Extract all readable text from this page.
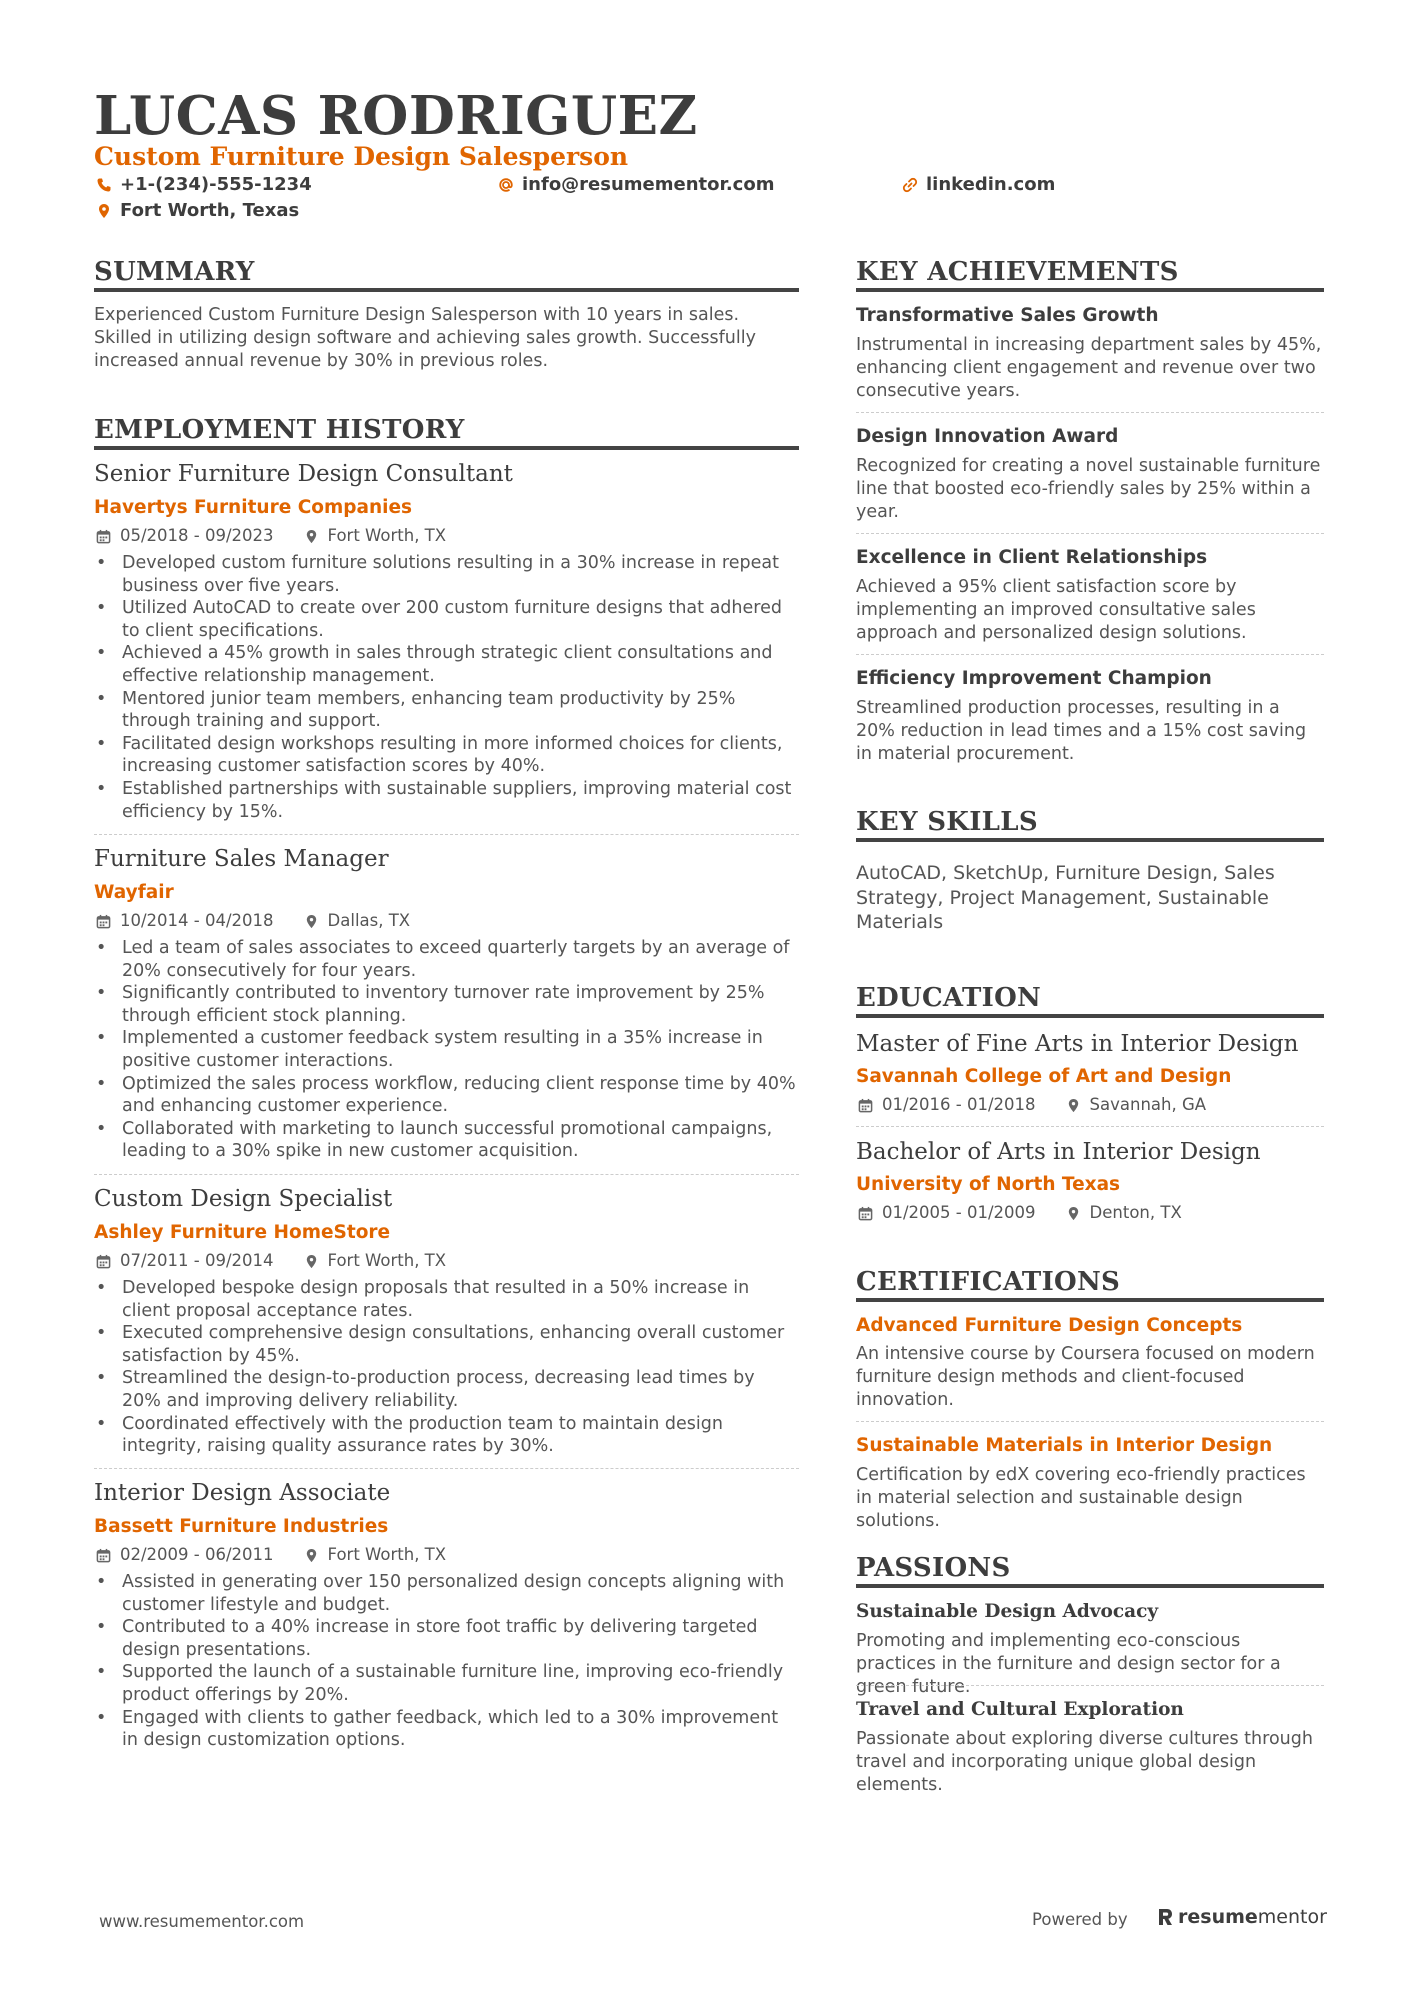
LUCAS RODRIGUEZ
Custom Furniture Design Salesperson
+1-(234)-555-1234	info@resumementor.com	linkedin.com
Fort Worth, Texas
SUMMARY
Experienced Custom Furniture Design Salesperson with 10 years in sales. Skilled in utilizing design software and achieving sales growth. Successfully increased annual revenue by 30% in previous roles.
EMPLOYMENT HISTORY
Senior Furniture Design Consultant
Havertys Furniture Companies
05/2018 - 09/2023	Fort Worth, TX
• Developed custom furniture solutions resulting in a 30% increase in repeat business over five years.
• Utilized AutoCAD to create over 200 custom furniture designs that adhered to client specifications.
• Achieved a 45% growth in sales through strategic client consultations and effective relationship management.
• Mentored junior team members, enhancing team productivity by 25% through training and support.
• Facilitated design workshops resulting in more informed choices for clients, increasing customer satisfaction scores by 40%.
• Established partnerships with sustainable suppliers, improving material cost efficiency by 15%.
Furniture Sales Manager
Wayfair
10/2014 - 04/2018	Dallas, TX
• Led a team of sales associates to exceed quarterly targets by an average of 20% consecutively for four years.
• Significantly contributed to inventory turnover rate improvement by 25% through efficient stock planning.
• Implemented a customer feedback system resulting in a 35% increase in positive customer interactions.
• Optimized the sales process workflow, reducing client response time by 40% and enhancing customer experience.
• Collaborated with marketing to launch successful promotional campaigns, leading to a 30% spike in new customer acquisition.
Custom Design Specialist
Ashley Furniture HomeStore
07/2011 - 09/2014	Fort Worth, TX
• Developed bespoke design proposals that resulted in a 50% increase in client proposal acceptance rates.
• Executed comprehensive design consultations, enhancing overall customer satisfaction by 45%.
• Streamlined the design-to-production process, decreasing lead times by 20% and improving delivery reliability.
• Coordinated effectively with the production team to maintain design integrity, raising quality assurance rates by 30%.
Interior Design Associate
Bassett Furniture Industries
02/2009 - 06/2011	Fort Worth, TX
• Assisted in generating over 150 personalized design concepts aligning with customer lifestyle and budget.
• Contributed to a 40% increase in store foot traffic by delivering targeted design presentations.
• Supported the launch of a sustainable furniture line, improving eco-friendly product offerings by 20%.
• Engaged with clients to gather feedback, which led to a 30% improvement in design customization options.
KEY ACHIEVEMENTS
Transformative Sales Growth
Instrumental in increasing department sales by 45%, enhancing client engagement and revenue over two consecutive years.
Design Innovation Award
Recognized for creating a novel sustainable furniture line that boosted eco-friendly sales by 25% within a year.
Excellence in Client Relationships
Achieved a 95% client satisfaction score by implementing an improved consultative sales approach and personalized design solutions.
Efficiency Improvement Champion
Streamlined production processes, resulting in a 20% reduction in lead times and a 15% cost saving in material procurement.
KEY SKILLS
AutoCAD, SketchUp, Furniture Design, Sales Strategy, Project Management, Sustainable Materials
EDUCATION
Master of Fine Arts in Interior Design
Savannah College of Art and Design
01/2016 - 01/2018	Savannah, GA
Bachelor of Arts in Interior Design
University of North Texas
01/2005 - 01/2009	Denton, TX
CERTIFICATIONS
Advanced Furniture Design Concepts
An intensive course by Coursera focused on modern furniture design methods and client-focused innovation.
Sustainable Materials in Interior Design
Certification by edX covering eco-friendly practices in material selection and sustainable design solutions.
PASSIONS
Sustainable Design Advocacy
Promoting and implementing eco-conscious practices in the furniture and design sector for a green future.
Travel and Cultural Exploration
Passionate about exploring diverse cultures through travel and incorporating unique global design elements.
www.resumementor.com	Powered by	resume mentor
